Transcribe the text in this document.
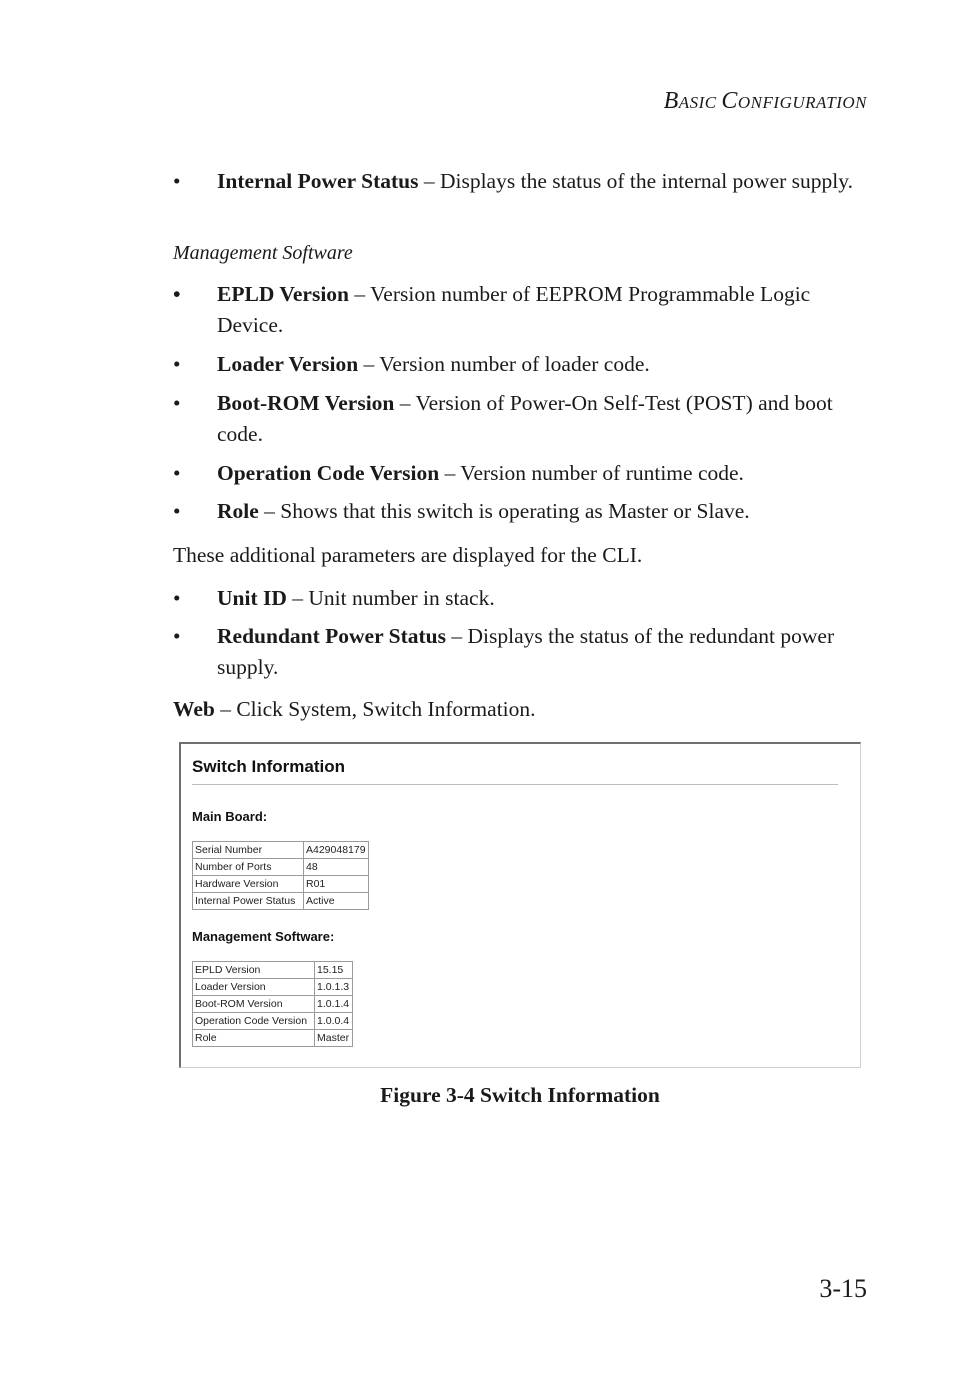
BASIC CONFIGURATION
• Internal Power Status – Displays the status of the internal power supply.
Management Software
• EPLD Version – Version number of EEPROM Programmable Logic Device.
• Loader Version – Version number of loader code.
• Boot-ROM Version – Version of Power-On Self-Test (POST) and boot code.
• Operation Code Version – Version number of runtime code.
• Role – Shows that this switch is operating as Master or Slave.
These additional parameters are displayed for the CLI.
• Unit ID – Unit number in stack.
• Redundant Power Status – Displays the status of the redundant power supply.
Web – Click System, Switch Information.
Switch Information
Main Board:
Serial Number	A429048179
Number of Ports	48
Hardware Version	R01
Internal Power Status	Active
Management Software:
EPLD Version	15.15
Loader Version	1.0.1.3
Boot-ROM Version	1.0.1.4
Operation Code Version	1.0.0.4
Role	Master
Figure 3-4 Switch Information
3-15
